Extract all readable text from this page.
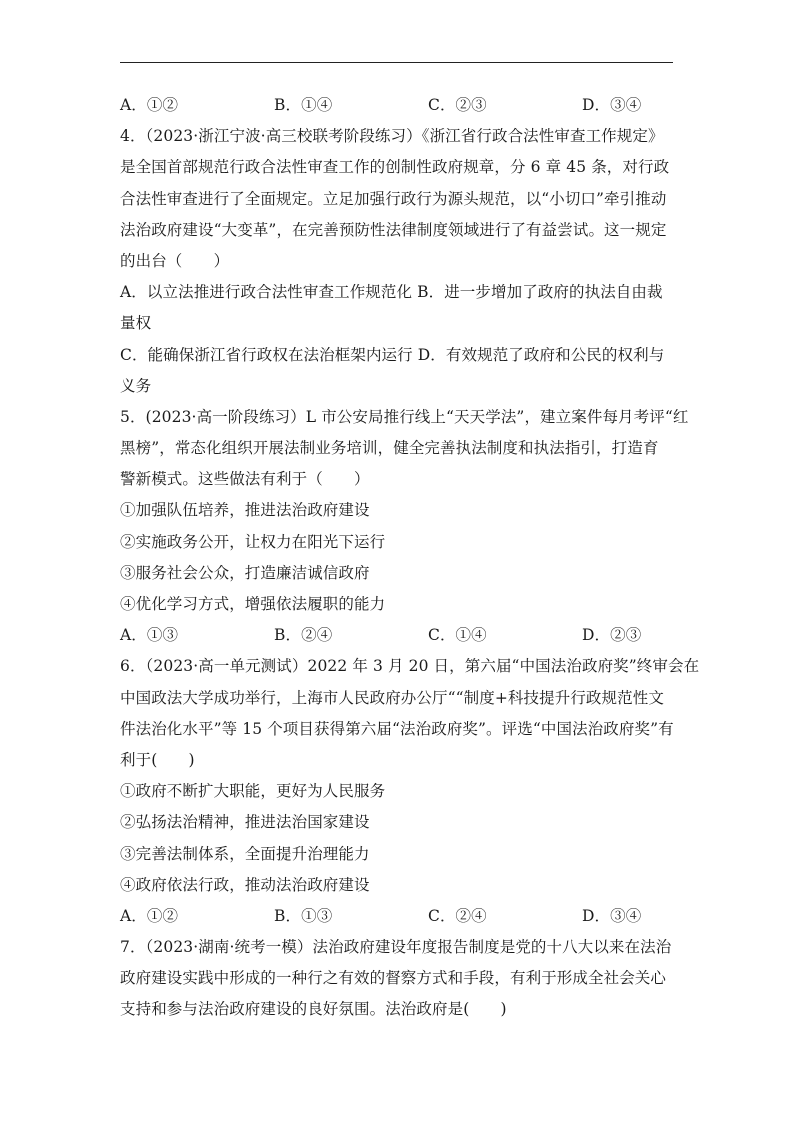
A．①②	B．①④	C．②③	D．③④
4．（2023·浙江宁波·高三校联考阶段练习）《浙江省行政合法性审查工作规定》
是全国首部规范行政合法性审查工作的创制性政府规章，分 6 章 45 条，对行政
合法性审查进行了全面规定。立足加强行政行为源头规范，以“小切口”牵引推动
法治政府建设“大变革”，在完善预防性法律制度领域进行了有益尝试。这一规定
的出台（　　）
A．以立法推进行政合法性审查工作规范化 B．进一步增加了政府的执法自由裁
量权
C．能确保浙江省行政权在法治框架内运行 D．有效规范了政府和公民的权利与
义务
5．(2023·高一阶段练习）L 市公安局推行线上“天天学法”，建立案件每月考评“红
黑榜”，常态化组织开展法制业务培训，健全完善执法制度和执法指引，打造育
警新模式。这些做法有利于（　　）
①加强队伍培养，推进法治政府建设
②实施政务公开，让权力在阳光下运行
③服务社会公众，打造廉洁诚信政府
④优化学习方式，增强依法履职的能力
A．①③	B．②④	C．①④	D．②③
6．（2023·高一单元测试）2022 年 3 月 20 日，第六届“中国法治政府奖”终审会在
中国政法大学成功举行，上海市人民政府办公厅““制度+科技提升行政规范性文
件法治化水平”等 15 个项目获得第六届“法治政府奖”。评选“中国法治政府奖”有
利于(　　)
①政府不断扩大职能，更好为人民服务
②弘扬法治精神，推进法治国家建设
③完善法制体系，全面提升治理能力
④政府依法行政，推动法治政府建设
A．①②	B．①③	C．②④	D．③④
7．（2023·湖南·统考一模）法治政府建设年度报告制度是党的十八大以来在法治
政府建设实践中形成的一种行之有效的督察方式和手段，有利于形成全社会关心
支持和参与法治政府建设的良好氛围。法治政府是(　　)
